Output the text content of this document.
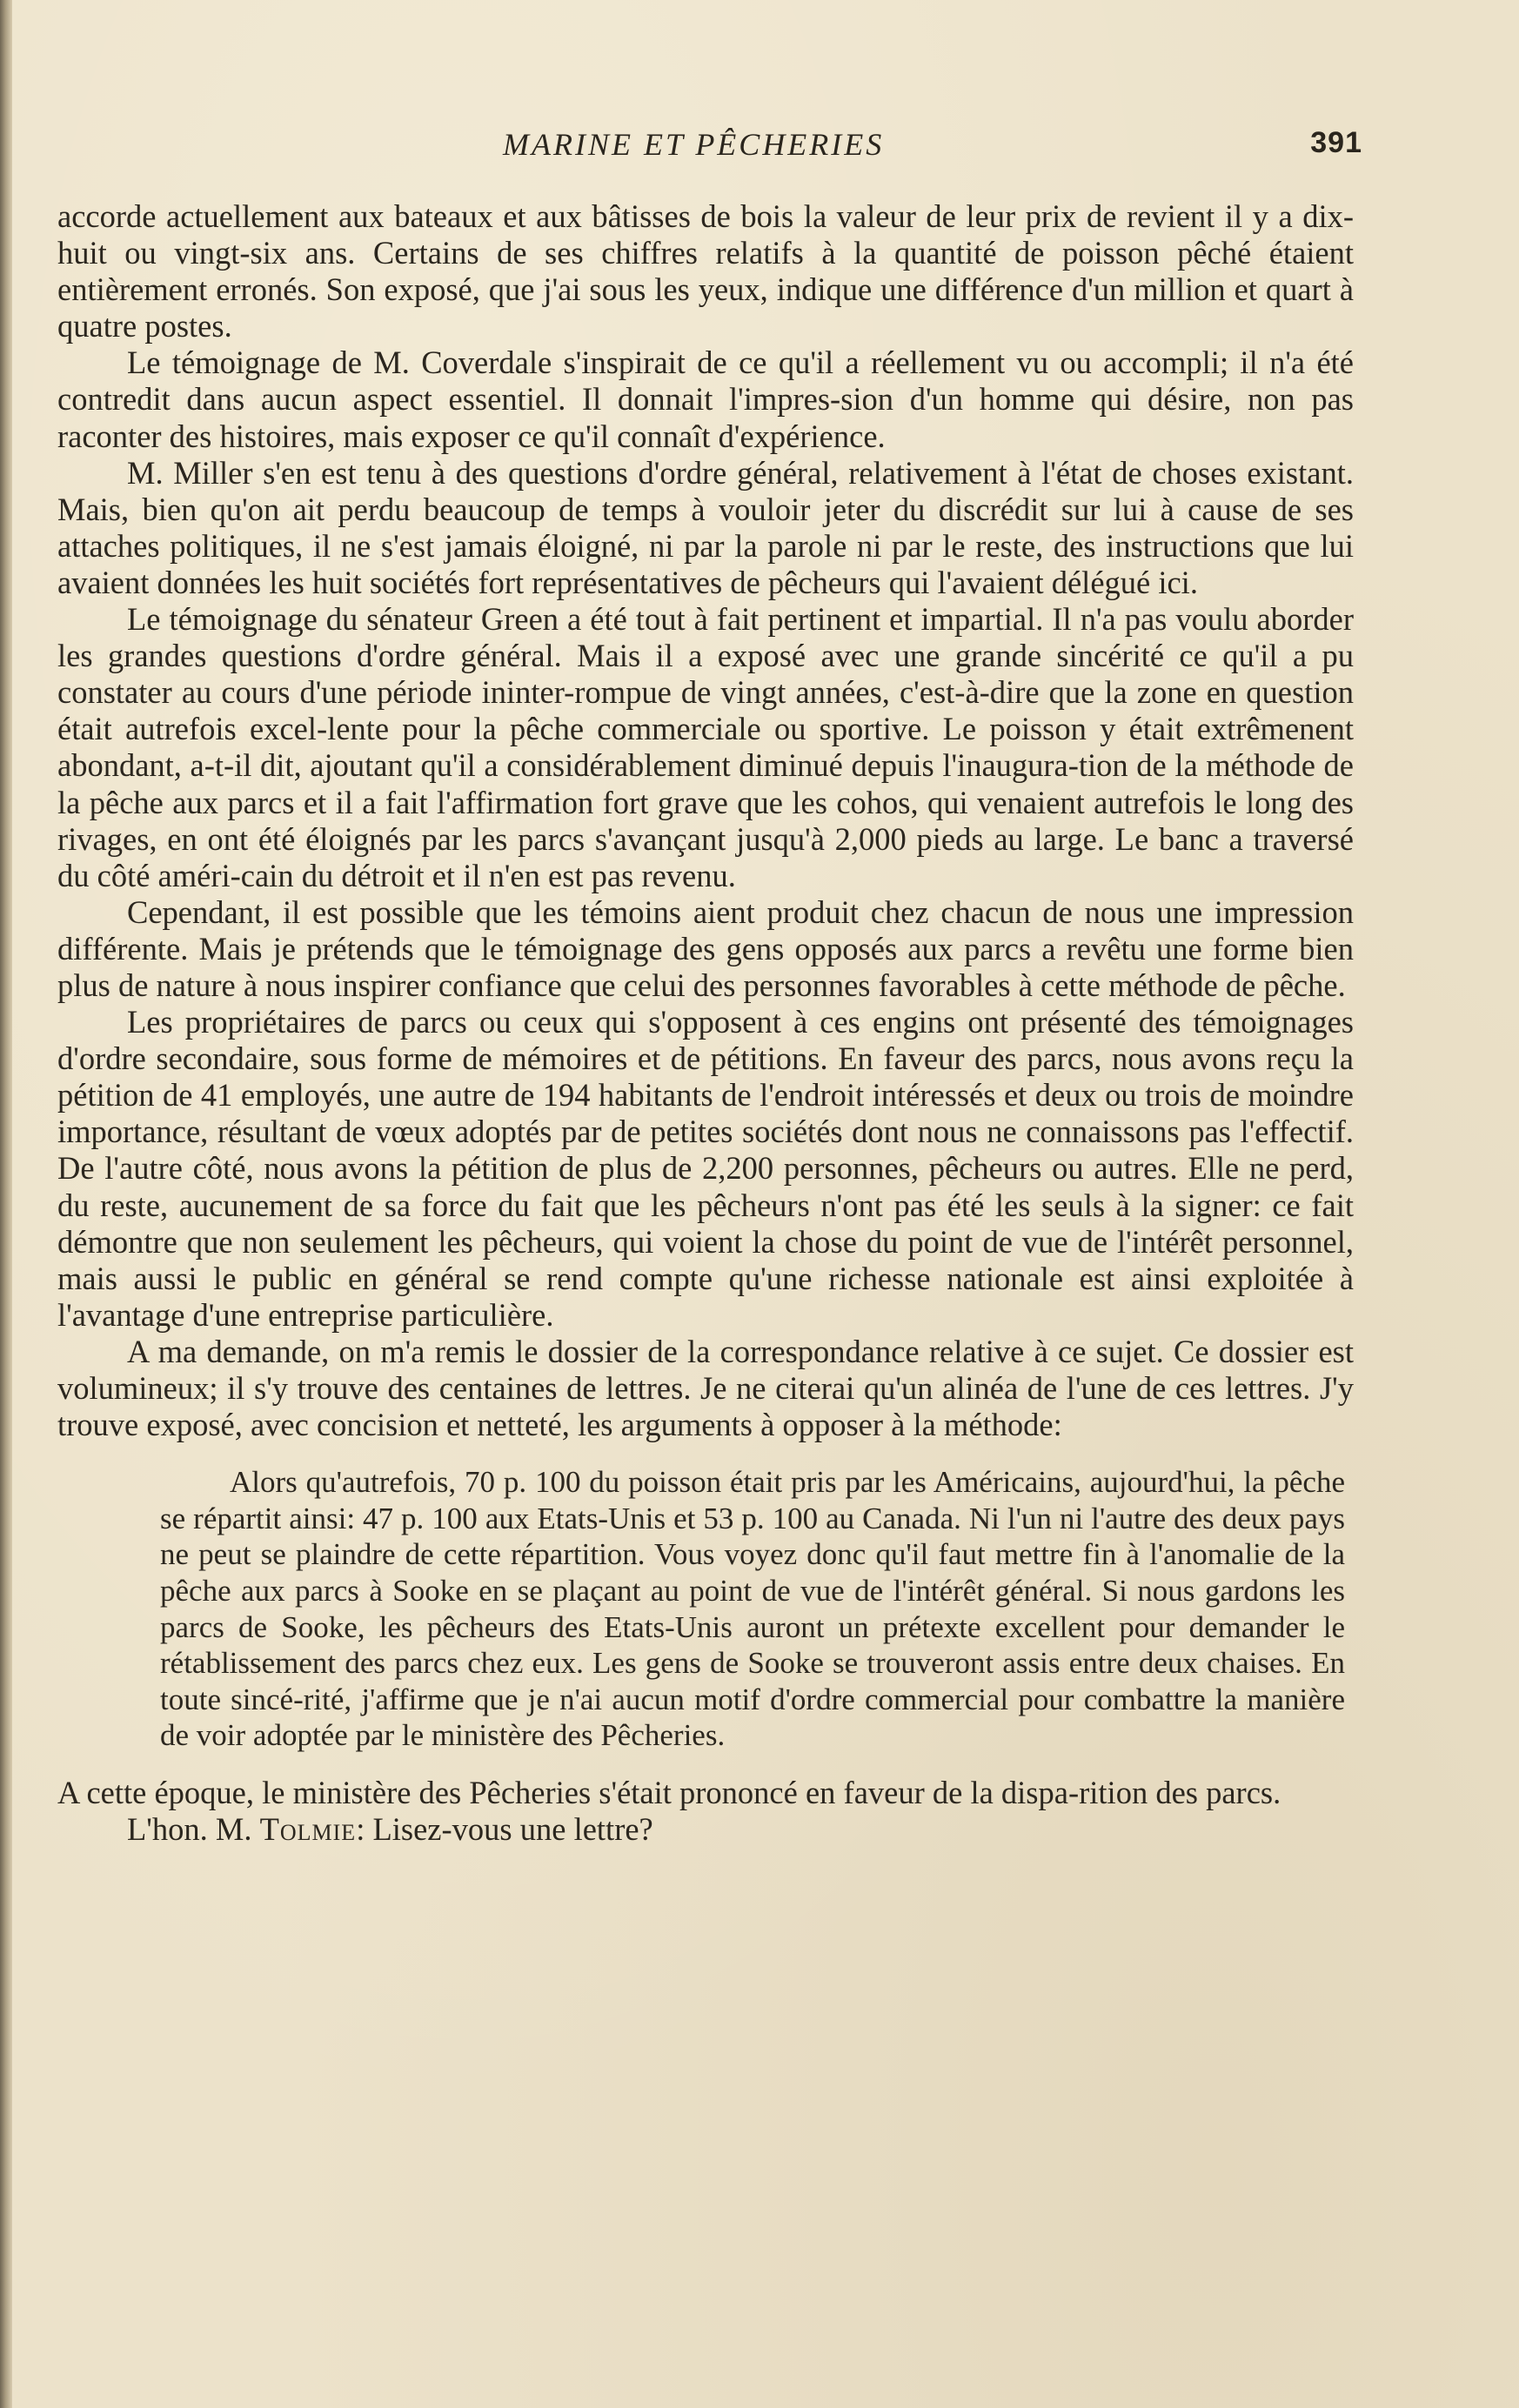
MARINE ET PÊCHERIES	391

accorde actuellement aux bateaux et aux bâtisses de bois la valeur de leur prix de revient il y a dix-huit ou vingt-six ans. Certains de ses chiffres relatifs à la quantité de poisson pêché étaient entièrement erronés. Son exposé, que j'ai sous les yeux, indique une différence d'un million et quart à quatre postes.

Le témoignage de M. Coverdale s'inspirait de ce qu'il a réellement vu ou accompli; il n'a été contredit dans aucun aspect essentiel. Il donnait l'impres-sion d'un homme qui désire, non pas raconter des histoires, mais exposer ce qu'il connaît d'expérience.

M. Miller s'en est tenu à des questions d'ordre général, relativement à l'état de choses existant. Mais, bien qu'on ait perdu beaucoup de temps à vouloir jeter du discrédit sur lui à cause de ses attaches politiques, il ne s'est jamais éloigné, ni par la parole ni par le reste, des instructions que lui avaient données les huit sociétés fort représentatives de pêcheurs qui l'avaient délégué ici.

Le témoignage du sénateur Green a été tout à fait pertinent et impartial. Il n'a pas voulu aborder les grandes questions d'ordre général. Mais il a exposé avec une grande sincérité ce qu'il a pu constater au cours d'une période ininter-rompue de vingt années, c'est-à-dire que la zone en question était autrefois excel-lente pour la pêche commerciale ou sportive. Le poisson y était extrêmenent abondant, a-t-il dit, ajoutant qu'il a considérablement diminué depuis l'inaugura-tion de la méthode de la pêche aux parcs et il a fait l'affirmation fort grave que les cohos, qui venaient autrefois le long des rivages, en ont été éloignés par les parcs s'avançant jusqu'à 2,000 pieds au large. Le banc a traversé du côté améri-cain du détroit et il n'en est pas revenu.

Cependant, il est possible que les témoins aient produit chez chacun de nous une impression différente. Mais je prétends que le témoignage des gens opposés aux parcs a revêtu une forme bien plus de nature à nous inspirer confiance que celui des personnes favorables à cette méthode de pêche.

Les propriétaires de parcs ou ceux qui s'opposent à ces engins ont présenté des témoignages d'ordre secondaire, sous forme de mémoires et de pétitions. En faveur des parcs, nous avons reçu la pétition de 41 employés, une autre de 194 habitants de l'endroit intéressés et deux ou trois de moindre importance, résultant de vœux adoptés par de petites sociétés dont nous ne connaissons pas l'effectif. De l'autre côté, nous avons la pétition de plus de 2,200 personnes, pêcheurs ou autres. Elle ne perd, du reste, aucunement de sa force du fait que les pêcheurs n'ont pas été les seuls à la signer: ce fait démontre que non seulement les pêcheurs, qui voient la chose du point de vue de l'intérêt personnel, mais aussi le public en général se rend compte qu'une richesse nationale est ainsi exploitée à l'avantage d'une entreprise particulière.

A ma demande, on m'a remis le dossier de la correspondance relative à ce sujet. Ce dossier est volumineux; il s'y trouve des centaines de lettres. Je ne citerai qu'un alinéa de l'une de ces lettres. J'y trouve exposé, avec concision et netteté, les arguments à opposer à la méthode:

Alors qu'autrefois, 70 p. 100 du poisson était pris par les Américains, aujourd'hui, la pêche se répartit ainsi: 47 p. 100 aux Etats-Unis et 53 p. 100 au Canada. Ni l'un ni l'autre des deux pays ne peut se plaindre de cette répartition. Vous voyez donc qu'il faut mettre fin à l'anomalie de la pêche aux parcs à Sooke en se plaçant au point de vue de l'intérêt général. Si nous gardons les parcs de Sooke, les pêcheurs des Etats-Unis auront un prétexte excellent pour demander le rétablissement des parcs chez eux. Les gens de Sooke se trouveront assis entre deux chaises. En toute sincé-rité, j'affirme que je n'ai aucun motif d'ordre commercial pour combattre la manière de voir adoptée par le ministère des Pêcheries.

A cette époque, le ministère des Pêcheries s'était prononcé en faveur de la dispa-rition des parcs.

L'hon. M. Tolmie: Lisez-vous une lettre?
